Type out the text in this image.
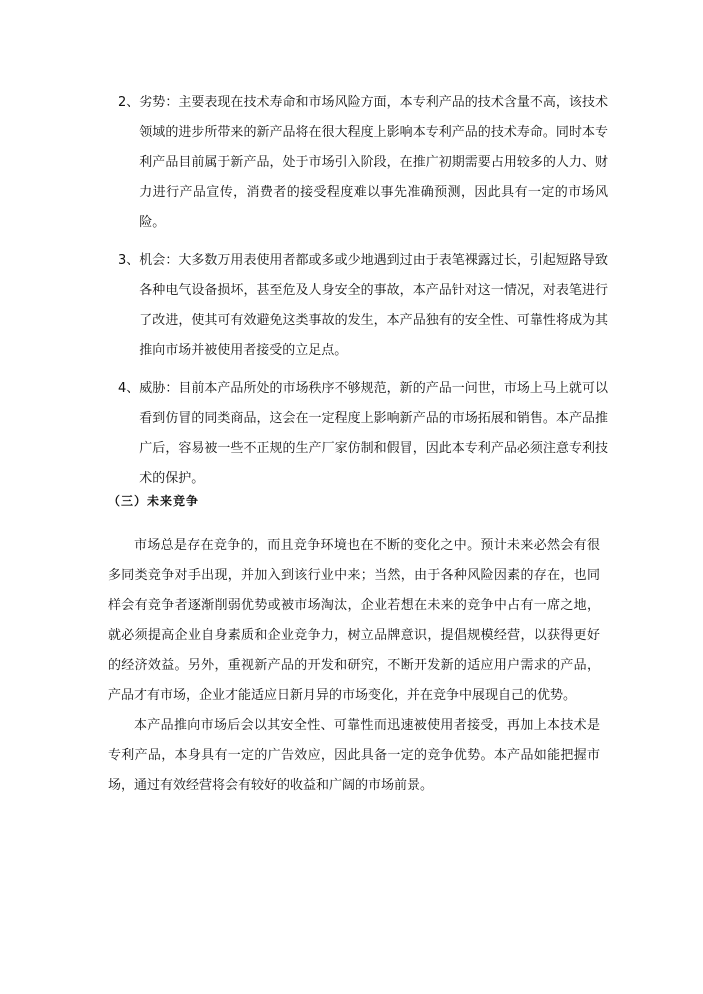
2、 劣势：主要表现在技术寿命和市场风险方面，本专利产品的技术含量不高，该技术领域的进步所带来的新产品将在很大程度上影响本专利产品的技术寿命。同时本专利产品目前属于新产品，处于市场引入阶段，在推广初期需要占用较多的人力、财力进行产品宣传，消费者的接受程度难以事先准确预测，因此具有一定的市场风险。
3、 机会：大多数万用表使用者都或多或少地遇到过由于表笔裸露过长，引起短路导致各种电气设备损坏，甚至危及人身安全的事故，本产品针对这一情况，对表笔进行了改进，使其可有效避免这类事故的发生，本产品独有的安全性、可靠性将成为其推向市场并被使用者接受的立足点。
4、 威胁：目前本产品所处的市场秩序不够规范，新的产品一问世，市场上马上就可以看到仿冒的同类商品，这会在一定程度上影响新产品的市场拓展和销售。本产品推广后，容易被一些不正规的生产厂家仿制和假冒，因此本专利产品必须注意专利技术的保护。
（三）未来竞争

市场总是存在竞争的，而且竞争环境也在不断的变化之中。预计未来必然会有很多同类竞争对手出现，并加入到该行业中来；当然，由于各种风险因素的存在，也同样会有竞争者逐渐削弱优势或被市场淘汰，企业若想在未来的竞争中占有一席之地，就必须提高企业自身素质和企业竞争力，树立品牌意识，提倡规模经营，以获得更好的经济效益。另外，重视新产品的开发和研究，不断开发新的适应用户需求的产品，产品才有市场，企业才能适应日新月异的市场变化，并在竞争中展现自己的优势。

本产品推向市场后会以其安全性、可靠性而迅速被使用者接受，再加上本技术是专利产品，本身具有一定的广告效应，因此具备一定的竞争优势。本产品如能把握市场，通过有效经营将会有较好的收益和广阔的市场前景。
